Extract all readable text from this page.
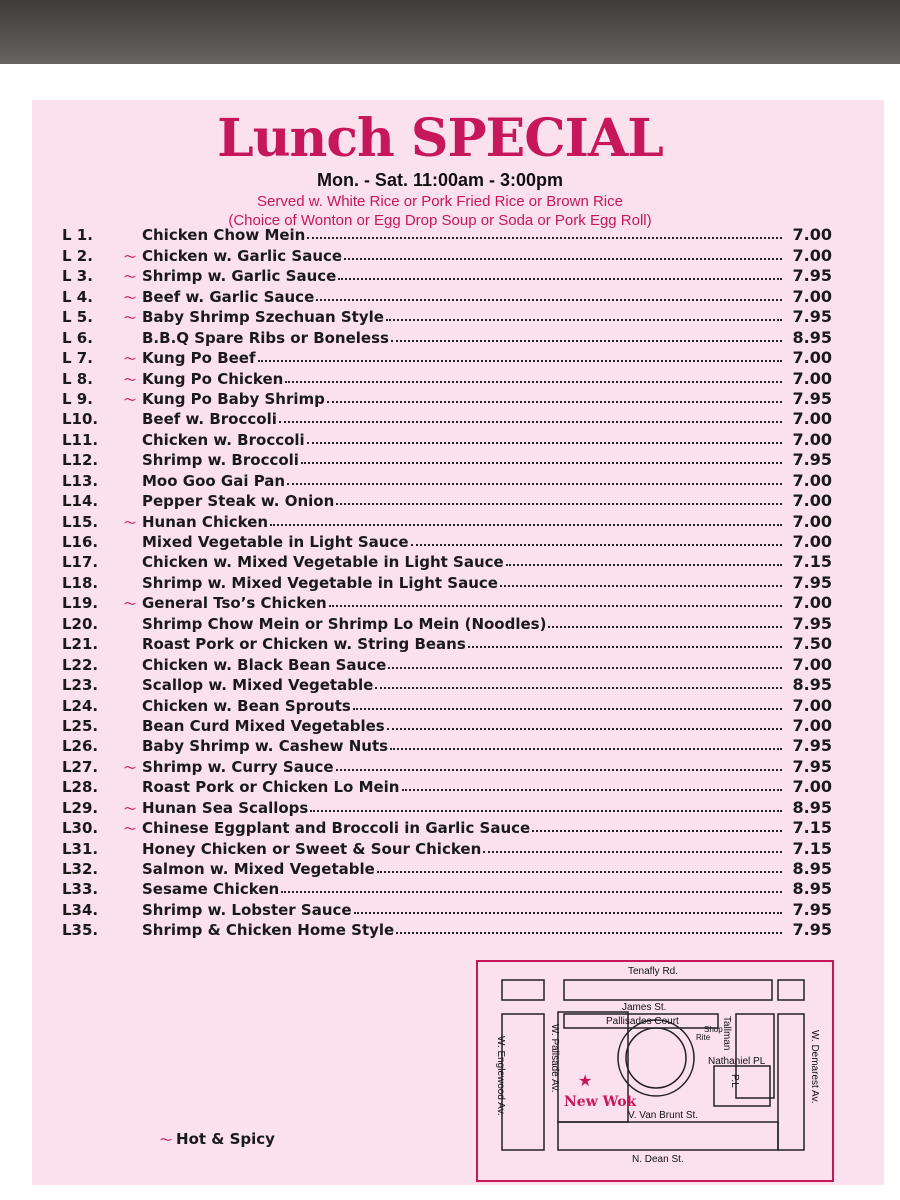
Lunch SPECIAL
Mon. - Sat. 11:00am - 3:00pm
Served w. White Rice or Pork Fried Rice or Brown Rice
(Choice of Wonton or Egg Drop Soup or Soda or Pork Egg Roll)
L 1.	Chicken Chow Mein	7.00
L 2.	〜 Chicken w. Garlic Sauce	7.00
L 3.	〜 Shrimp w. Garlic Sauce	7.95
L 4.	〜 Beef w. Garlic Sauce	7.00
L 5.	〜 Baby Shrimp Szechuan Style	7.95
L 6.	B.B.Q Spare Ribs or Boneless	8.95
L 7.	〜 Kung Po Beef	7.00
L 8.	〜 Kung Po Chicken	7.00
L 9.	〜 Kung Po Baby Shrimp	7.95
L10.	Beef w. Broccoli	7.00
L11.	Chicken w. Broccoli	7.00
L12.	Shrimp w. Broccoli	7.95
L13.	Moo Goo Gai Pan	7.00
L14.	Pepper Steak w. Onion	7.00
L15.	〜 Hunan Chicken	7.00
L16.	Mixed Vegetable in Light Sauce	7.00
L17.	Chicken w. Mixed Vegetable in Light Sauce	7.15
L18.	Shrimp w. Mixed Vegetable in Light Sauce	7.95
L19.	〜 General Tso’s Chicken	7.00
L20.	Shrimp Chow Mein or Shrimp Lo Mein (Noodles)	7.95
L21.	Roast Pork or Chicken w. String Beans	7.50
L22.	Chicken w. Black Bean Sauce	7.00
L23.	Scallop w. Mixed Vegetable	8.95
L24.	Chicken w. Bean Sprouts	7.00
L25.	Bean Curd Mixed Vegetables	7.00
L26.	Baby Shrimp w. Cashew Nuts	7.95
L27.	〜 Shrimp w. Curry Sauce	7.95
L28.	Roast Pork or Chicken Lo Mein	7.00
L29.	〜 Hunan Sea Scallops	8.95
L30.	〜 Chinese Eggplant and Broccoli in Garlic Sauce	7.15
L31.	Honey Chicken or Sweet & Sour Chicken	7.15
L32.	Salmon w. Mixed Vegetable	8.95
L33.	Sesame Chicken	8.95
L34.	Shrimp w. Lobster Sauce	7.95
L35.	Shrimp & Chicken Home Style	7.95
〜 Hot & Spicy
Tenafly Rd.
James St.
Pallisades Court
Shop
Rite Tallman
P.L
Nathaniel PL
W. Englewood Av.	W. Palisade Av.	W. Demarest Av.
V. Van Brunt St.
N. Dean St.
★
New Wok
